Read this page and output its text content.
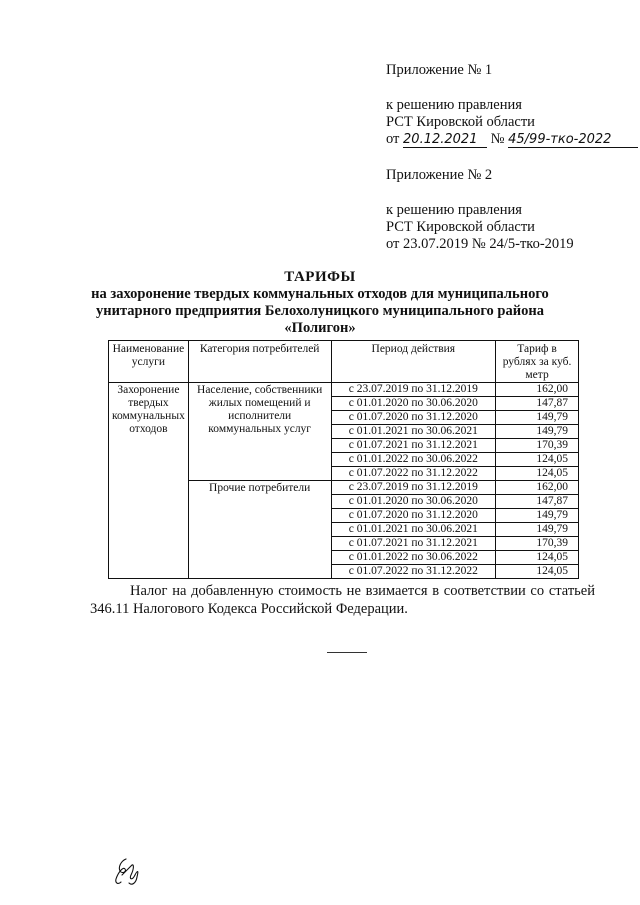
Приложение № 1
к решению правления
РСТ Кировской области
от 20.12.2021 № 45/99-тко-2022
Приложение № 2
к решению правления
РСТ Кировской области
от 23.07.2019 № 24/5-тко-2019
ТАРИФЫ
на захоронение твердых коммунальных отходов для муниципального
унитарного предприятия Белохолуницкого муниципального района
«Полигон»
Наименование услуги	Категория потребителей	Период действия	Тариф в рублях за куб. метр
Захоронение твердых коммунальных отходов	Население, собственники жилых помещений и исполнители коммунальных услуг	с 23.07.2019 по 31.12.2019	162,00
		с 01.01.2020 по 30.06.2020	147,87
		с 01.07.2020 по 31.12.2020	149,79
		с 01.01.2021 по 30.06.2021	149,79
		с 01.07.2021 по 31.12.2021	170,39
		с 01.01.2022 по 30.06.2022	124,05
		с 01.07.2022 по 31.12.2022	124,05
	Прочие потребители	с 23.07.2019 по 31.12.2019	162,00
		с 01.01.2020 по 30.06.2020	147,87
		с 01.07.2020 по 31.12.2020	149,79
		с 01.01.2021 по 30.06.2021	149,79
		с 01.07.2021 по 31.12.2021	170,39
		с 01.01.2022 по 30.06.2022	124,05
		с 01.07.2022 по 31.12.2022	124,05
Налог на добавленную стоимость не взимается в соответствии со статьей 346.11 Налогового Кодекса Российской Федерации.
